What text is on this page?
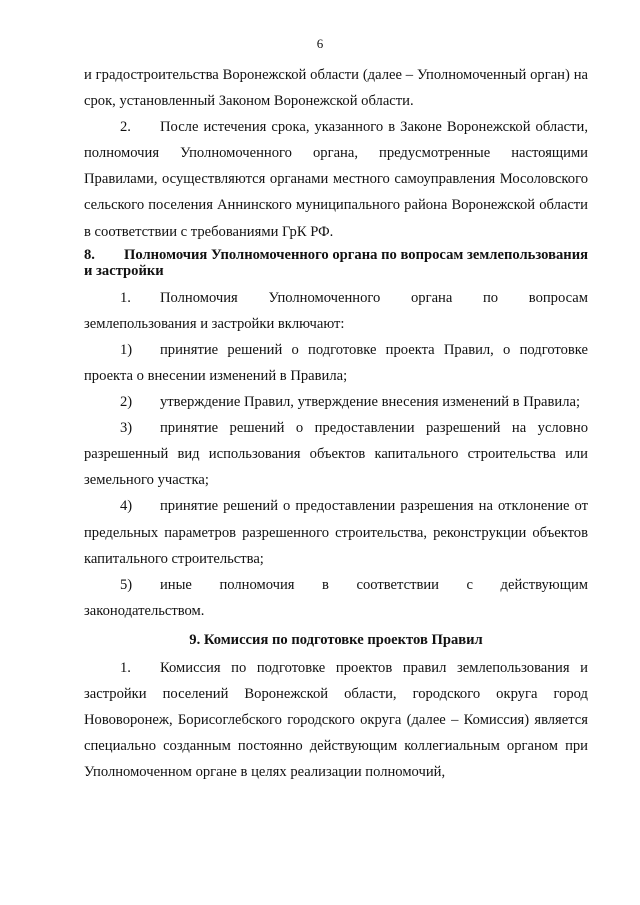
6

и градостроительства Воронежской области (далее – Уполномоченный орган) на срок, установленный Законом Воронежской области.

2. После истечения срока, указанного в Законе Воронежской области, полномочия Уполномоченного органа, предусмотренные настоящими Правилами, осуществляются органами местного самоуправления Мосоловского сельского поселения Аннинского муниципального района Воронежской области в соответствии с требованиями ГрК РФ.

8. Полномочия Уполномоченного органа по вопросам землепользования и застройки

1. Полномочия Уполномоченного органа по вопросам землепользования и застройки включают:

1) принятие решений о подготовке проекта Правил, о подготовке проекта о внесении изменений в Правила;

2) утверждение Правил, утверждение внесения изменений в Правила;

3) принятие решений о предоставлении разрешений на условно разрешенный вид использования объектов капитального строительства или земельного участка;

4) принятие решений о предоставлении разрешения на отклонение от предельных параметров разрешенного строительства, реконструкции объектов капитального строительства;

5) иные полномочия в соответствии с действующим законодательством.

9. Комиссия по подготовке проектов Правил

1. Комиссия по подготовке проектов правил землепользования и застройки поселений Воронежской области, городского округа город Нововоронеж, Борисоглебского городского округа (далее – Комиссия) является специально созданным постоянно действующим коллегиальным органом при Уполномоченном органе в целях реализации полномочий,
